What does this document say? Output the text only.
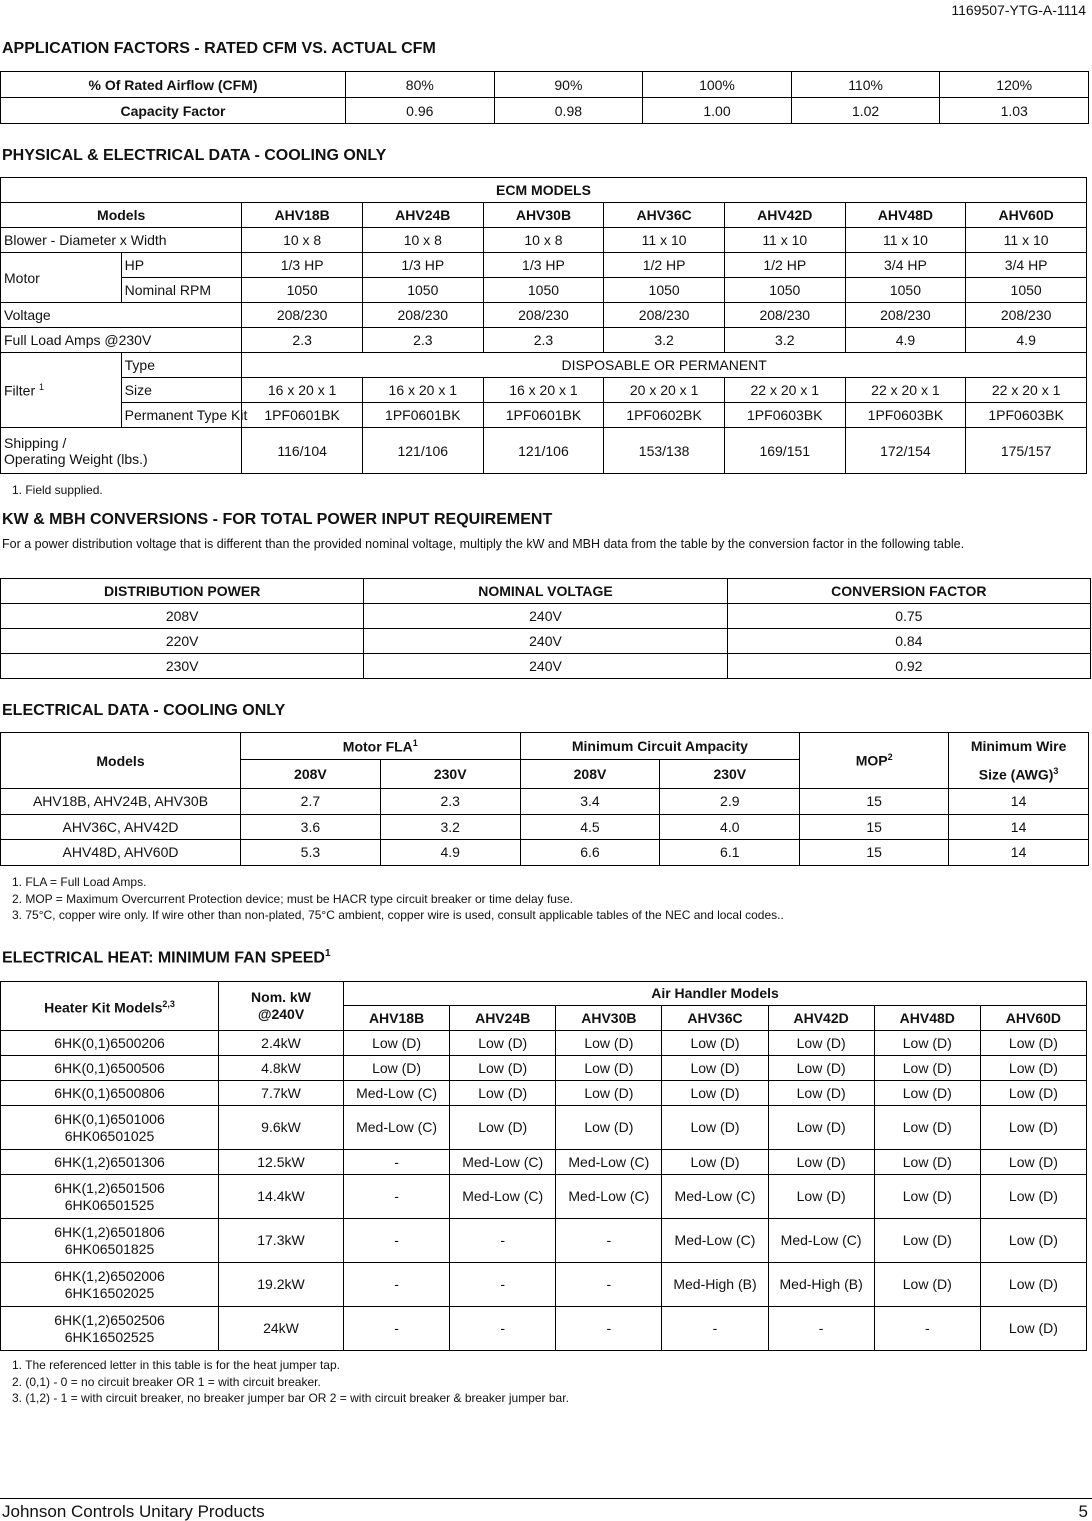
1169507-YTG-A-1114
APPLICATION FACTORS - RATED CFM VS. ACTUAL CFM
% Of Rated Airflow (CFM)	80%	90%	100%	110%	120%
Capacity Factor	0.96	0.98	1.00	1.02	1.03
PHYSICAL & ELECTRICAL DATA - COOLING ONLY
ECM MODELS								
Models		AHV18B	AHV24B	AHV30B	AHV36C	AHV42D	AHV48D	AHV60D
Blower - Diameter x Width		10 x 8	10 x 8	10 x 8	11 x 10	11 x 10	11 x 10	11 x 10
Motor	HP	1/3 HP	1/3 HP	1/3 HP	1/2 HP	1/2 HP	3/4 HP	3/4 HP
	Nominal RPM	1050	1050	1050	1050	1050	1050	1050
Voltage		208/230	208/230	208/230	208/230	208/230	208/230	208/230
Full Load Amps @230V		2.3	2.3	2.3	3.2	3.2	4.9	4.9
Filter $^1$	Type	DISPOSABLE OR PERMANENT						
	Size	16 x 20 x 1	16 x 20 x 1	16 x 20 x 1	20 x 20 x 1	22 x 20 x 1	22 x 20 x 1	22 x 20 x 1
	Permanent Type Kit	1PF0601BK	1PF0601BK	1PF0601BK	1PF0602BK	1PF0603BK	1PF0603BK	1PF0603BK

Shipping /
Operating Weight (lbs.)		116/104	121/106	121/106	153/138	169/151	172/154	175/157
1. Field supplied.
KW & MBH CONVERSIONS - FOR TOTAL POWER INPUT REQUIREMENT
For a power distribution voltage that is different than the provided nominal voltage, multiply the kW and MBH data from the table by the conversion factor in the following table.
DISTRIBUTION POWER	NOMINAL VOLTAGE	CONVERSION FACTOR
208V	240V	0.75
220V	240V	0.84
230V	240V	0.92
ELECTRICAL DATA - COOLING ONLY
Models	Motor FLA$^1$		Minimum Circuit Ampacity		MOP$^2$	Minimum Wire
Size (AWG)$^3$

	208V	230V	208V	230V		
AHV18B, AHV24B, AHV30B	2.7	2.3	3.4	2.9	15	14
AHV36C, AHV42D	3.6	3.2	4.5	4.0	15	14
AHV48D, AHV60D	5.3	4.9	6.6	6.1	15	14
1. FLA = Full Load Amps.
2. MOP = Maximum Overcurrent Protection device; must be HACR type circuit breaker or time delay fuse.
3. 75°C, copper wire only. If wire other than non-plated, 75°C ambient, copper wire is used, consult applicable tables of the NEC and local codes..
ELECTRICAL HEAT: MINIMUM FAN SPEED$^1$
Heater Kit Models$^{2,3}$	Nom. kW
@240V	Air Handler Models						
		AHV18B	AHV24B	AHV30B	AHV36C	AHV42D	AHV48D	AHV60D

6HK(0,1)6500206	2.4kW	Low (D)	Low (D)	Low (D)	Low (D)	Low (D)	Low (D)	Low (D)

6HK(0,1)6500506	4.8kW	Low (D)	Low (D)	Low (D)	Low (D)	Low (D)	Low (D)	Low (D)

6HK(0,1)6500806	7.7kW	Med-Low (C)	Low (D)	Low (D)	Low (D)	Low (D)	Low (D)	Low (D)

6HK(0,1)6501006
6HK06501025	9.6kW	Med-Low (C)	Low (D)	Low (D)	Low (D)	Low (D)	Low (D)	Low (D)

6HK(1,2)6501306	12.5kW	-	Med-Low (C)	Med-Low (C)	Low (D)	Low (D)	Low (D)	Low (D)

6HK(1,2)6501506
6HK06501525	14.4kW	-	Med-Low (C)	Med-Low (C)	Med-Low (C)	Low (D)	Low (D)	Low (D)

6HK(1,2)6501806
6HK06501825	17.3kW	-	-	-	Med-Low (C)	Med-Low (C)	Low (D)	Low (D)

6HK(1,2)6502006
6HK16502025	19.2kW	-	-	-	Med-High (B)	Med-High (B)	Low (D)	Low (D)

6HK(1,2)6502506
6HK16502525	24kW	-	-	-	-	-	-	Low (D)
1. The referenced letter in this table is for the heat jumper tap.
2. (0,1) - 0 = no circuit breaker OR 1 = with circuit breaker.
3. (1,2) - 1 = with circuit breaker, no breaker jumper bar OR 2 = with circuit breaker & breaker jumper bar.
Johnson Controls Unitary Products	5
